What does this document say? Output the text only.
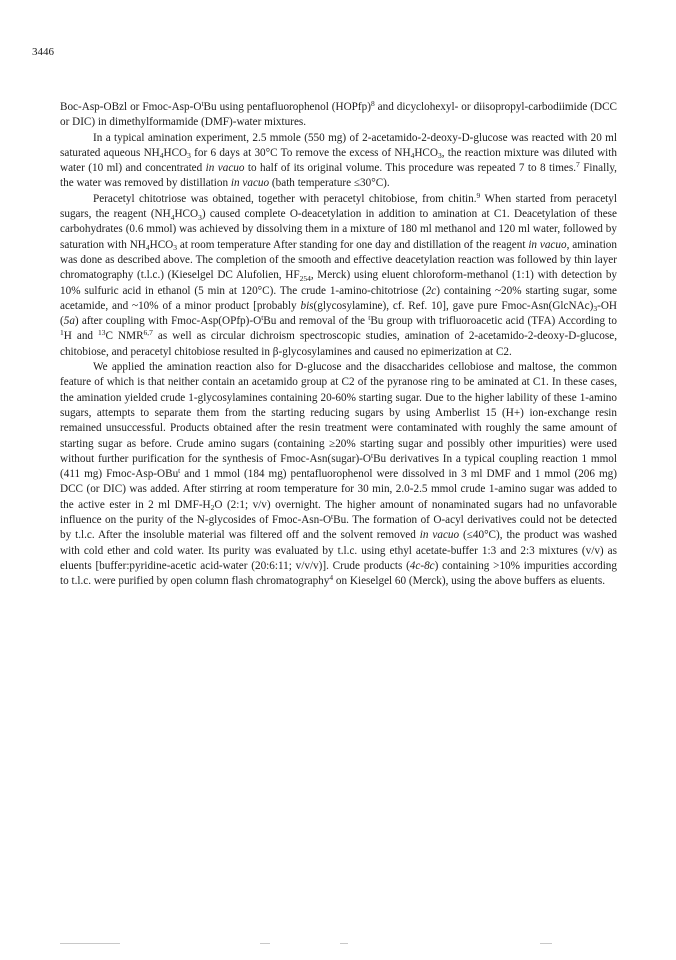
3446

Boc-Asp-OBzl or Fmoc-$Asp-O^tBu$ using pentafluorophenol (HOPfp)$^8$ and dicyclohexyl- or diisopropyl-carbodiimide (DCC or DIC) in dimethylformamide (DMF)-water mixtures.

In a typical amination experiment, 2.5 mmole (550 mg) of 2-acetamido-2-deoxy-D-glucose was reacted with 20 ml saturated aqueous $NH_4HCO_3$ for 6 days at 30°C To remove the excess of $NH_4HCO_3$, the reaction mixture was diluted with water (10 ml) and concentrated in vacuo to half of its original volume. This procedure was repeated 7 to 8 times.$^7$ Finally, the water was removed by distillation in vacuo (bath temperature ≤30°C).

Peracetyl chitotriose was obtained, together with peracetyl chitobiose, from chitin.$^9$ When started from peracetyl sugars, the reagent $(NH_4HCO_3)$ caused complete O-deacetylation in addition to amination at C1. Deacetylation of these carbohydrates (0.6 mmol) was achieved by dissolving them in a mixture of 180 ml methanol and 120 ml water, followed by saturation with $NH_4HCO_3$ at room temperature After standing for one day and distillation of the reagent in vacuo, amination was done as described above. The completion of the smooth and effective deacetylation reaction was followed by thin layer chromatography (t.l.c.) (Kieselgel DC Alufolien, $HF_{254}$, Merck) using eluent chloroform-methanol (1:1) with detection by 10% sulfuric acid in ethanol (5 min at 120°C). The crude 1-amino-chitotriose (2c) containing ~20% starting sugar, some acetamide, and ~10% of a minor product [probably bis(glycosylamine), cf. Ref. 10], gave pure Fmoc-$Asn(GlcNAc)_3-OH$ (5a) after coupling with Fmoc-$Asp(OPfp)-O^tBu$ and removal of the $^t$Bu group with trifluoroacetic acid (TFA) According to $^1$H and $^{13}$C NMR$^{6,7}$ as well as circular dichroism spectroscopic studies, amination of 2-acetamido-2-deoxy-D-glucose, chitobiose, and peracetyl chitobiose resulted in β-glycosylamines and caused no epimerization at C2.

We applied the amination reaction also for D-glucose and the disaccharides cellobiose and maltose, the common feature of which is that neither contain an acetamido group at C2 of the pyranose ring to be aminated at C1. In these cases, the amination yielded crude 1-glycosylamines containing 20-60% starting sugar. Due to the higher lability of these 1-amino sugars, attempts to separate them from the starting reducing sugars by using Amberlist 15 (H+) ion-exchange resin remained unsuccessful. Products obtained after the resin treatment were contaminated with roughly the same amount of starting sugar as before. Crude amino sugars (containing ≥20% starting sugar and possibly other impurities) were used without further purification for the synthesis of Fmoc-$Asn(sugar)-O^tBu$ derivatives In a typical coupling reaction 1 mmol (411 mg) Fmoc-Asp-OBu$^t$ and 1 mmol (184 mg) pentafluorophenol were dissolved in 3 ml DMF and 1 mmol (206 mg) DCC (or DIC) was added. After stirring at room temperature for 30 min, 2.0-2.5 mmol crude 1-amino sugar was added to the active ester in 2 ml DMF-$H_2O$ (2:1; v/v) overnight. The higher amount of nonaminated sugars had no unfavorable influence on the purity of the N-glycosides of Fmoc-$Asn-O^tBu$. The formation of O-acyl derivatives could not be detected by t.l.c. After the insoluble material was filtered off and the solvent removed in vacuo (≤40°C), the product was washed with cold ether and cold water. Its purity was evaluated by t.l.c. using ethyl acetate-buffer 1:3 and 2:3 mixtures (v/v) as eluents [buffer:pyridine-acetic acid-water (20:6:11; v/v/v)]. Crude products (4c-8c) containing >10% impurities according to t.l.c. were purified by open column flash chromatography$^4$ on Kieselgel 60 (Merck), using the above buffers as eluents.
